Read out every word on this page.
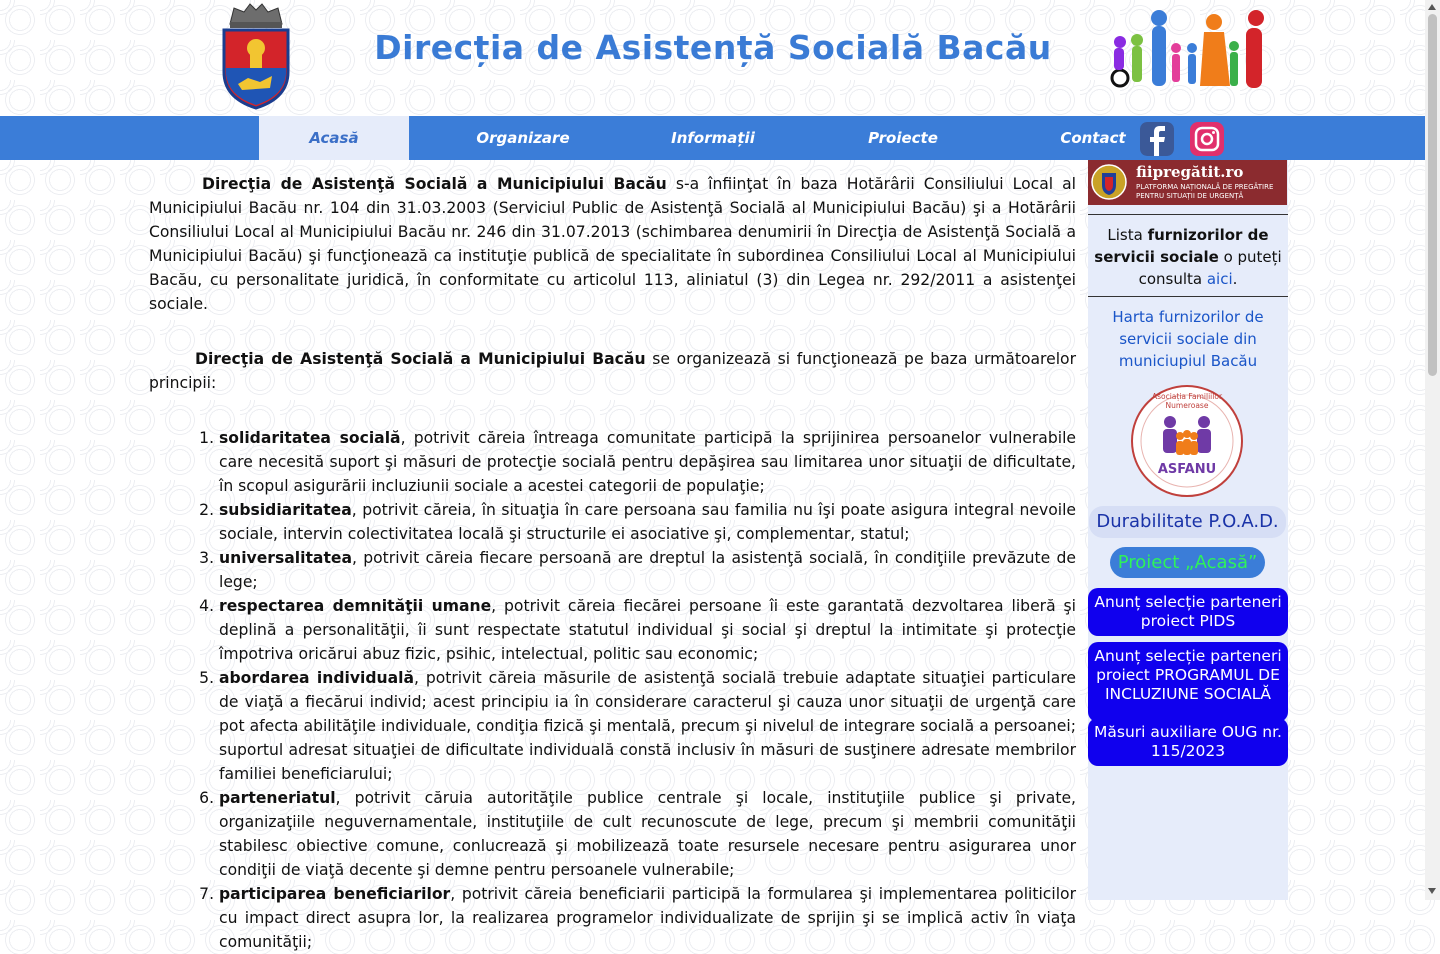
Direcția de Asistență Socială Bacău
Acasă	Organizare	Informații	Proiecte	Contact

Direcţia de Asistenţă Socială a Municipiului Bacău s-a înfiinţat în baza Hotărârii Consiliului Local al Municipiului Bacău nr. 104 din 31.03.2003 (Serviciul Public de Asistenţă Socială al Municipiului Bacău) şi a Hotărârii Consiliului Local al Municipiului Bacău nr. 246 din 31.07.2013 (schimbarea denumirii în Direcţia de Asistenţă Socială a Municipiului Bacău) şi funcţionează ca instituţie publică de specialitate în subordinea Consiliului Local al Municipiului Bacău, cu personalitate juridică, în conformitate cu articolul 113, aliniatul (3) din Legea nr. 292/2011 a asistenţei sociale.

Direcţia de Asistenţă Socială a Municipiului Bacău se organizează si funcţionează pe baza următoarelor principii:

1. solidaritatea socială, potrivit căreia întreaga comunitate participă la sprijinirea persoanelor vulnerabile care necesită suport şi măsuri de protecţie socială pentru depăşirea sau limitarea unor situaţii de dificultate, în scopul asigurării incluziunii sociale a acestei categorii de populaţie;
2. subsidiaritatea, potrivit căreia, în situaţia în care persoana sau familia nu îşi poate asigura integral nevoile sociale, intervin colectivitatea locală şi structurile ei asociative şi, complementar, statul;
3. universalitatea, potrivit căreia fiecare persoană are dreptul la asistenţă socială, în condiţiile prevăzute de lege;
4. respectarea demnităţii umane, potrivit căreia fiecărei persoane îi este garantată dezvoltarea liberă şi deplină a personalităţii, îi sunt respectate statutul individual şi social şi dreptul la intimitate şi protecţie împotriva oricărui abuz fizic, psihic, intelectual, politic sau economic;
5. abordarea individuală, potrivit căreia măsurile de asistenţă socială trebuie adaptate situaţiei particulare de viaţă a fiecărui individ; acest principiu ia în considerare caracterul şi cauza unor situaţii de urgenţă care pot afecta abilităţile individuale, condiţia fizică şi mentală, precum şi nivelul de integrare socială a persoanei; suportul adresat situaţiei de dificultate individuală constă inclusiv în măsuri de susţinere adresate membrilor familiei beneficiarului;
6. parteneriatul, potrivit căruia autorităţile publice centrale şi locale, instituţiile publice şi private, organizaţiile neguvernamentale, instituţiile de cult recunoscute de lege, precum şi membrii comunităţii stabilesc obiective comune, conlucrează şi mobilizează toate resursele necesare pentru asigurarea unor condiţii de viaţă decente şi demne pentru persoanele vulnerabile;
7. participarea beneficiarilor, potrivit căreia beneficiarii participă la formularea şi implementarea politicilor cu impact direct asupra lor, la realizarea programelor individualizate de sprijin şi se implică activ în viaţa comunităţii;
fiipregătit.ro
PLATFORMA NAȚIONALĂ DE PREGĂTIRE
PENTRU SITUAȚII DE URGENȚĂ
Lista furnizorilor de servicii sociale o puteți consulta aici.
Harta furnizorilor de servicii sociale din municiupiul Bacău
Asociația Familiilor Numeroase
ASFANU
Durabilitate P.O.A.D.
Proiect „Acasă”
Anunț selecție parteneri proiect PIDS
Anunț selecție parteneri proiect PROGRAMUL DE INCLUZIUNE SOCIALĂ
Măsuri auxiliare OUG nr. 115/2023
